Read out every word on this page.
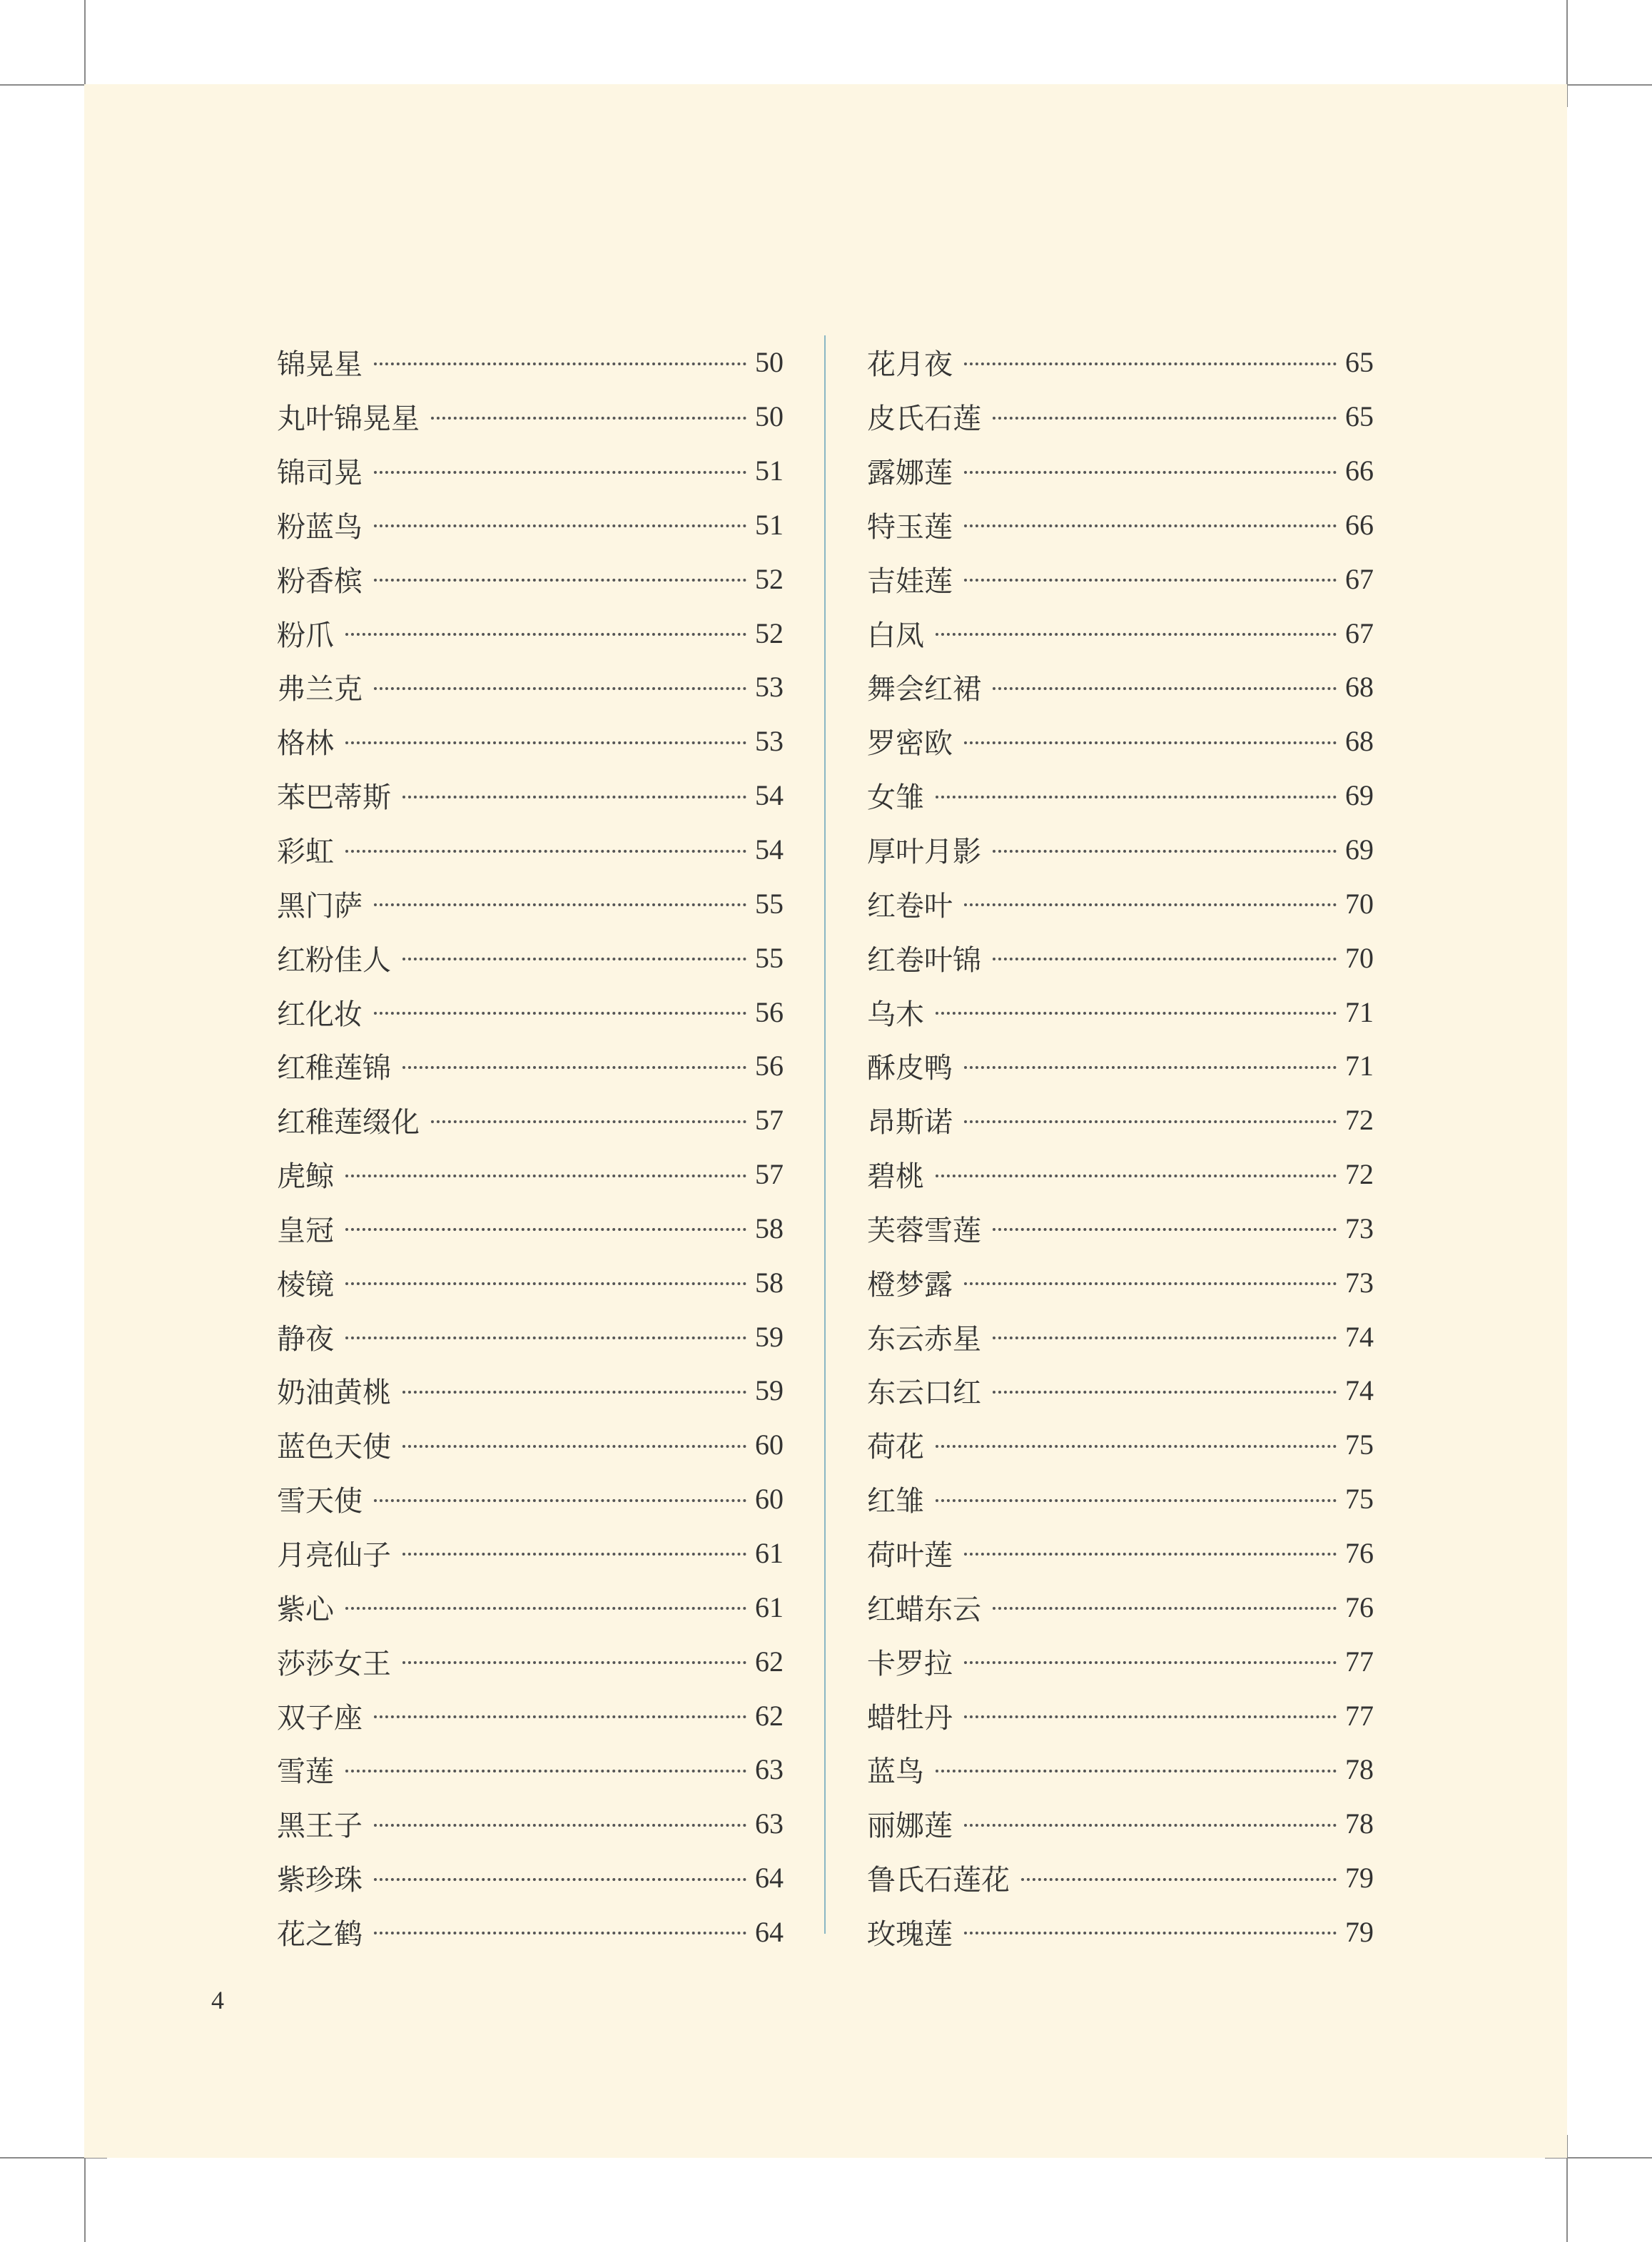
锦晃星	50
丸叶锦晃星	50
锦司晃	51
粉蓝鸟	51
粉香槟	52
粉爪	52
弗兰克	53
格林	53
苯巴蒂斯	54
彩虹	54
黑门萨	55
红粉佳人	55
红化妆	56
红稚莲锦	56
红稚莲缀化	57
虎鲸	57
皇冠	58
棱镜	58
静夜	59
奶油黄桃	59
蓝色天使	60
雪天使	60
月亮仙子	61
紫心	61
莎莎女王	62
双子座	62
雪莲	63
黑王子	63
紫珍珠	64
花之鹤	64
花月夜	65
皮氏石莲	65
露娜莲	66
特玉莲	66
吉娃莲	67
白凤	67
舞会红裙	68
罗密欧	68
女雏	69
厚叶月影	69
红卷叶	70
红卷叶锦	70
乌木	71
酥皮鸭	71
昂斯诺	72
碧桃	72
芙蓉雪莲	73
橙梦露	73
东云赤星	74
东云口红	74
荷花	75
红雏	75
荷叶莲	76
红蜡东云	76
卡罗拉	77
蜡牡丹	77
蓝鸟	78
丽娜莲	78
鲁氏石莲花	79
玫瑰莲	79
4
